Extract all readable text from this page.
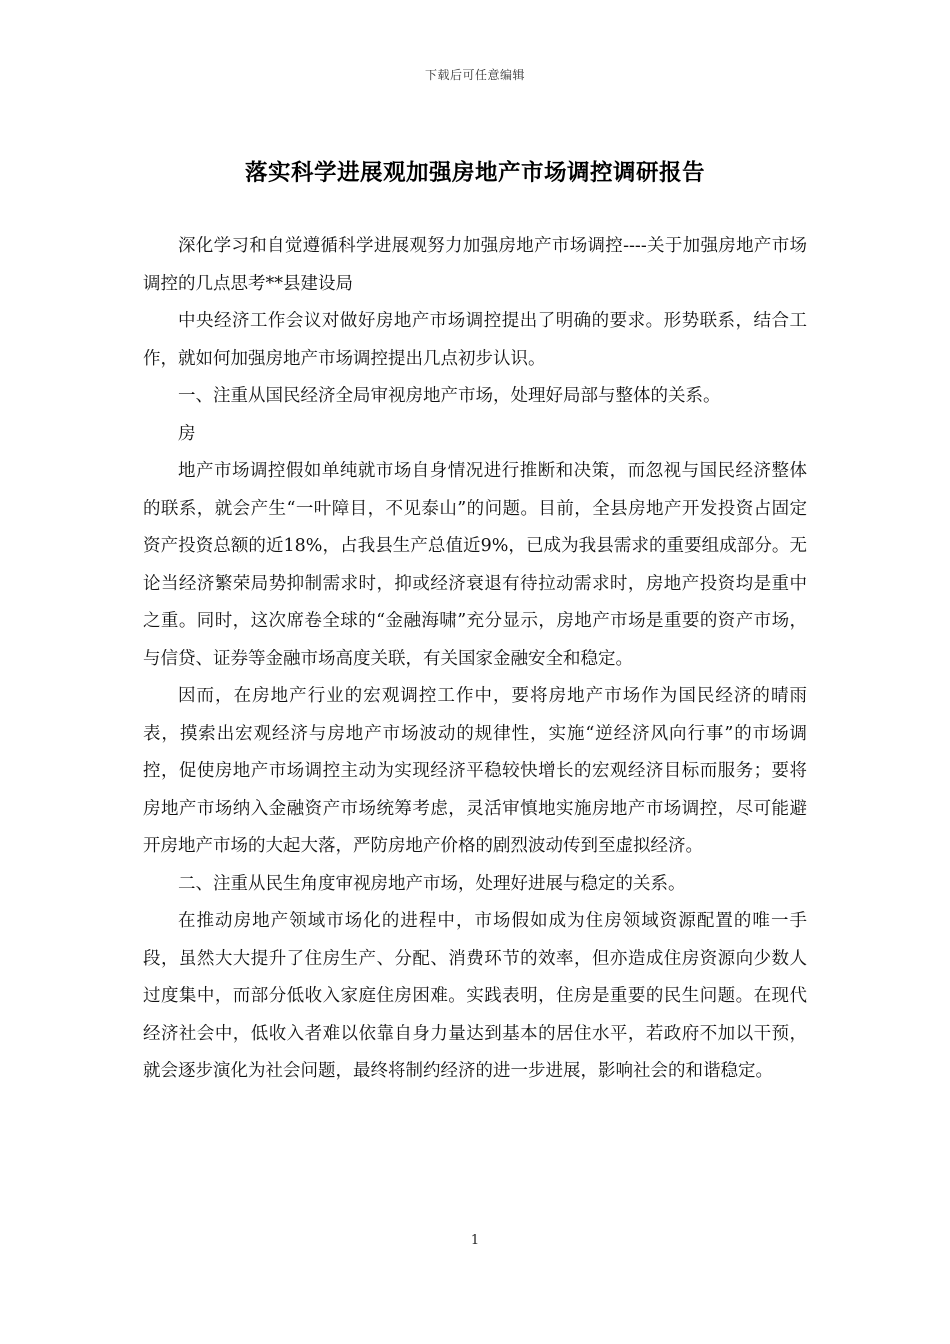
下载后可任意编辑
落实科学进展观加强房地产市场调控调研报告

深化学习和自觉遵循科学进展观努力加强房地产市场调控----关于加强房地产市场调控的几点思考**县建设局

中央经济工作会议对做好房地产市场调控提出了明确的要求。形势联系，结合工作，就如何加强房地产市场调控提出几点初步认识。

一、注重从国民经济全局审视房地产市场，处理好局部与整体的关系。

房

地产市场调控假如单纯就市场自身情况进行推断和决策，而忽视与国民经济整体的联系，就会产生“一叶障目，不见泰山”的问题。目前，全县房地产开发投资占固定资产投资总额的近18%，占我县生产总值近9%，已成为我县需求的重要组成部分。无论当经济繁荣局势抑制需求时，抑或经济衰退有待拉动需求时，房地产投资均是重中之重。同时，这次席卷全球的“金融海啸”充分显示，房地产市场是重要的资产市场，与信贷、证券等金融市场高度关联，有关国家金融安全和稳定。

因而，在房地产行业的宏观调控工作中，要将房地产市场作为国民经济的晴雨表，摸索出宏观经济与房地产市场波动的规律性，实施“逆经济风向行事”的市场调控，促使房地产市场调控主动为实现经济平稳较快增长的宏观经济目标而服务；要将房地产市场纳入金融资产市场统筹考虑，灵活审慎地实施房地产市场调控，尽可能避开房地产市场的大起大落，严防房地产价格的剧烈波动传到至虚拟经济。

二、注重从民生角度审视房地产市场，处理好进展与稳定的关系。

在推动房地产领域市场化的进程中，市场假如成为住房领域资源配置的唯一手段，虽然大大提升了住房生产、分配、消费环节的效率，但亦造成住房资源向少数人过度集中，而部分低收入家庭住房困难。实践表明，住房是重要的民生问题。在现代经济社会中，低收入者难以依靠自身力量达到基本的居住水平，若政府不加以干预，就会逐步演化为社会问题，最终将制约经济的进一步进展，影响社会的和谐稳定。

1
